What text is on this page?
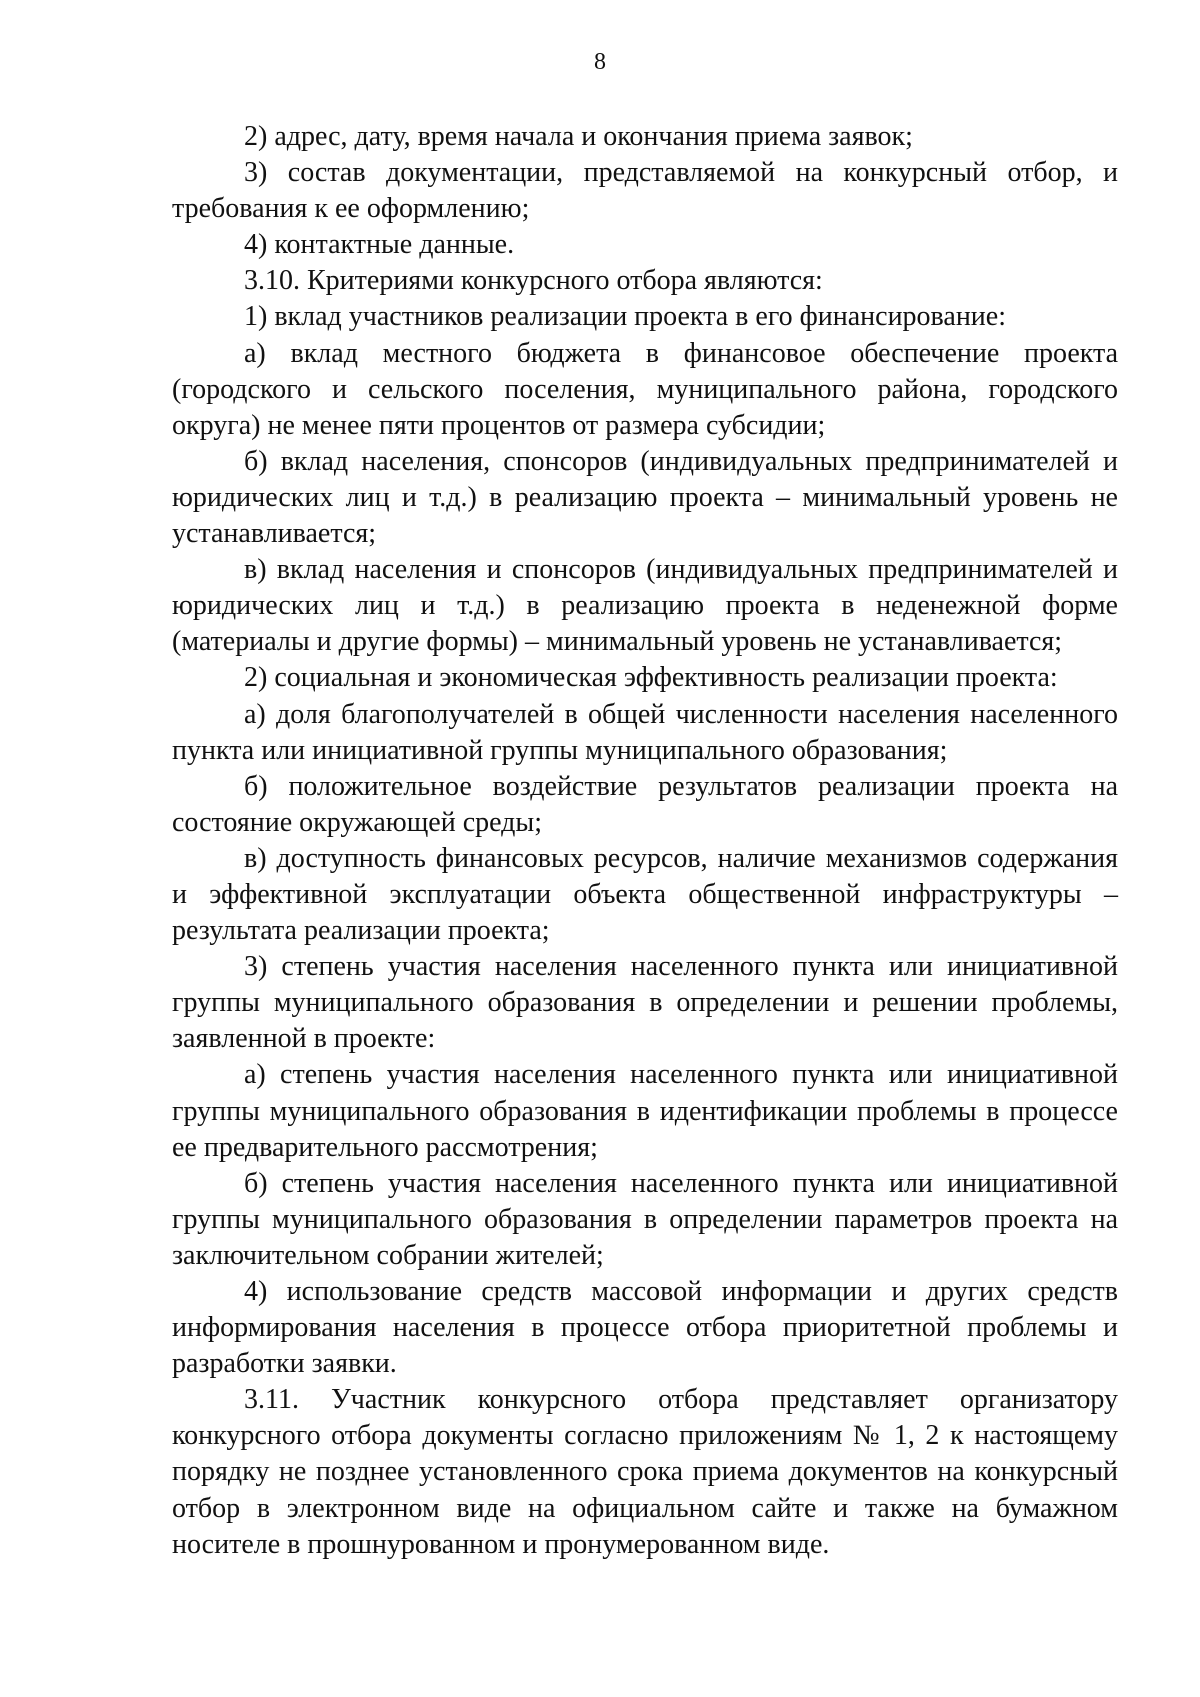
8

2) адрес, дату, время начала и окончания приема заявок;

3) состав документации, представляемой на конкурсный отбор, и требования к ее оформлению;

4) контактные данные.

3.10. Критериями конкурсного отбора являются:

1) вклад участников реализации проекта в его финансирование:

а) вклад местного бюджета в финансовое обеспечение проекта (городского и сельского поселения, муниципального района, городского округа) не менее пяти процентов от размера субсидии;

б) вклад населения, спонсоров (индивидуальных предпринимателей и юридических лиц и т.д.) в реализацию проекта – минимальный уровень не устанавливается;

в) вклад населения и спонсоров (индивидуальных предпринимателей и юридических лиц и т.д.) в реализацию проекта в неденежной форме (материалы и другие формы) – минимальный уровень не устанавливается;

2) социальная и экономическая эффективность реализации проекта:

а) доля благополучателей в общей численности населения населенного пункта или инициативной группы муниципального образования;

б) положительное воздействие результатов реализации проекта на состояние окружающей среды;

в) доступность финансовых ресурсов, наличие механизмов содержания и эффективной эксплуатации объекта общественной инфраструктуры – результата реализации проекта;

3) степень участия населения населенного пункта или инициативной группы муниципального образования в определении и решении проблемы, заявленной в проекте:

а) степень участия населения населенного пункта или инициативной группы муниципального образования в идентификации проблемы в процессе ее предварительного рассмотрения;

б) степень участия населения населенного пункта или инициативной группы муниципального образования в определении параметров проекта на заключительном собрании жителей;

4) использование средств массовой информации и других средств информирования населения в процессе отбора приоритетной проблемы и разработки заявки.

3.11. Участник конкурсного отбора представляет организатору конкурсного отбора документы согласно приложениям № 1, 2 к настоящему порядку не позднее установленного срока приема документов на конкурсный отбор в электронном виде на официальном сайте и также на бумажном носителе в прошнурованном и пронумерованном виде.
